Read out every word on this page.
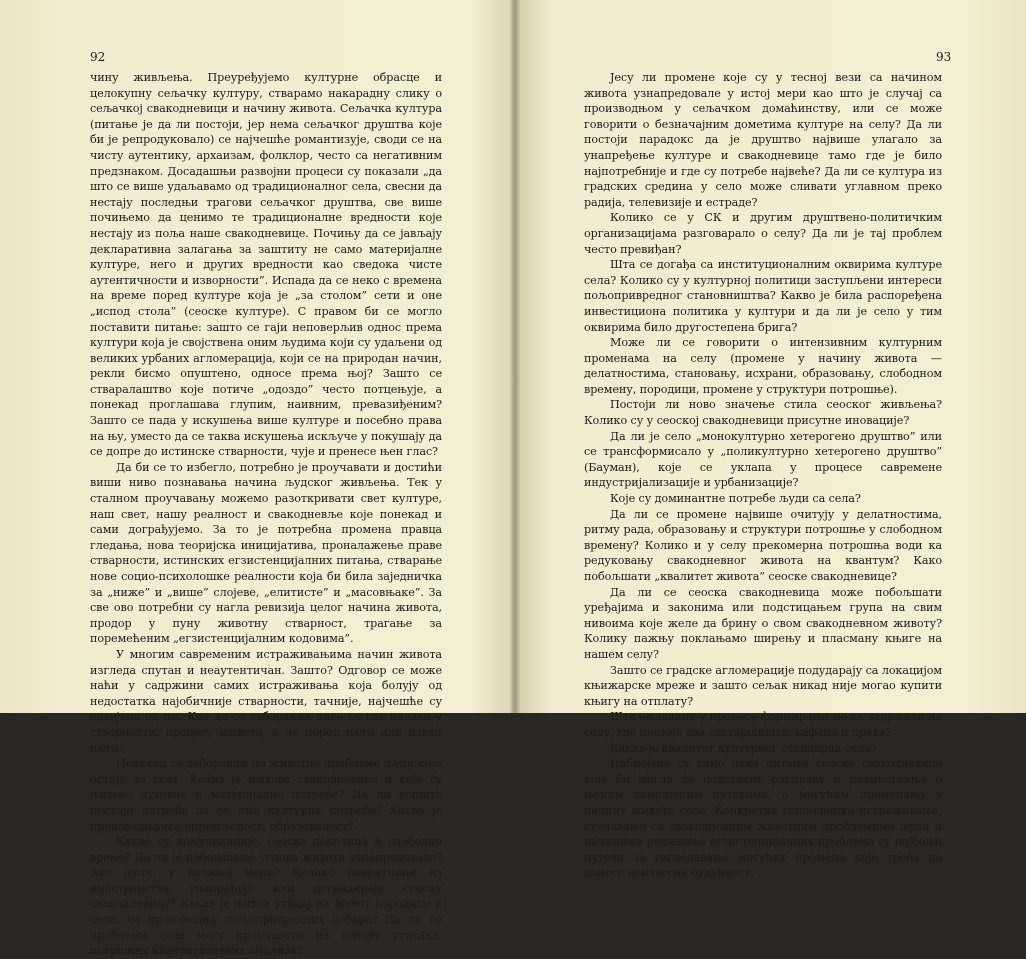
92

чину живљења. Преуређујемо културне обрасце и целокупну сељачку културу, стварамо накарадну слику о сељачкој свакодневици и начину живота. Сељачка култура (питање је да ли постоји, јер нема сељачког друштва које би је репродуковало) се најчешће романтизује, своди се на чисту аутентику, архаизам, фолклор, често са негативним предзнаком. Досадашњи развојни процеси су показали „да што се више удаљавамо од традиционалног села, свесни да нестају последњи трагови сељачког друштва, све више почињемо да ценимо те традиционалне вредности које нестају из поља наше свакодневице. Почињу да се јављају декларативна залагања за заштиту не само материјалне културе, него и других вредности као сведока чисте аутентичности и изворности”. Испада да се неко с времена на време поред културе која је „за столом” сети и оне „испод стола” (сеоске културе). С правом би се могло поставити питање: зашто се гаји неповерљив однос према култури која је својствена оним људима који су удаљени од великих урбаних агломерација, који се на природан начин, рекли бисмо опуштено, односе према њој? Зашто се стваралаштво које потиче „одоздо” често потцењује, а понекад проглашава глупим, наивним, превазиђеним? Зашто се пада у искушења више културе и посебно права на њу, уместо да се таква искушења искључе у покушају да се допре до истинске стварности, чује и пренесе њен глас?

Да би се то избегло, потребно је проучавати и достићи виши ниво познавања начина људског живљења. Тек у сталном проучавању можемо разоткривати свет културе, наш свет, нашу реалност и свакодневље које понекад и сами дограђујемо. За то је потребна промена правца гледања, нова теоријска иницијатива, проналажење праве стварности, истинских егзистенцијалних питања, стварање нове социо-психолошке реалности која би била заједничка за „ниже” и „више” слојеве, „елитисте” и „масовњаке”. За све ово потребни су нагла ревизија целог начина живота, продор у пуну животну стварност, трагање за поремећеним „егзистенцијалним кодовима”.

У многим савременим истраживањима начин живота изгледа спутан и неаутентичан. Зашто? Одговор се може наћи у садржини самих истраживања која болују од недостатка најобичније стварности, тачније, најчешће су одвојена од ње. Као да се заборавља како се све налази у стварности, процесу живота, а не поред њега или изван њега.

Понекад се заборавља на животне проблеме људи који остају на селу. Каква је њихова свакодневица и које су њихове духовне и материјалне потребе? Да ли уопште постоји потреба да се има културна потреба? Каква је производњачка опремљеност, образованост?

Какве су комуникације, сеоска доколица и слободно време? Да ли је побољшање услова живота узнапредовало? Ако јесте, у коликој мери? Колико повратници из иностранства унапређују или деградирају сеоску свакодневицу? Какав је њихов утицај на живот породице и села, на производњу пољопривредних добара? Да ли се проблеми села могу проучавати на основу утисака, површних квантитативних анализа?

93

Јесу ли промене које су у тесној вези са начином живота узнапредовале у истој мери као што је случај са производњом у сељачком домаћинству, или се може говорити о безначајним дометима културе на селу? Да ли постоји парадокс да је друштво највише улагало за унапређење културе и свакодневице тамо где је било најпотребније и где су потребе највеће? Да ли се култура из градских средина у село може сливати углавном преко радија, телевизије и естраде?

Колико се у СК и другим друштвено-политичким организацијама разговарало о селу? Да ли је тај проблем често превиђан?

Шта се догађа са институционалним оквирима културе села? Колико су у културној политици заступљени интереси пољопривредног становништва? Какво је била распоређена инвестициона политика у култури и да ли је село у тим оквирима било другостепена брига?

Може ли се говорити о интензивним културним променама на селу (промене у начину живота — делатностима, становању, исхрани, образовању, слободном времену, породици, промене у структури потрошње).

Постоји ли ново значење стила сеоског живљења? Колико су у сеоској свакодневици присутне иновације?

Да ли је село „монокултурно хетерогено друштво” или се трансформисало у „поликултурно хетерогено друштво” (Бауман), које се уклапа у процесе савремене индустријализације и урбанизације?

Које су доминантне потребе људи са села?

Да ли се промене највише очитују у делатностима, ритму рада, образовању и структури потрошње у слободном времену? Колико и у селу прекомерна потрошња води ка редуковању свакодневног живота на квантум? Како побољшати „квалитет живота” сеоске свакодневице?

Да ли се сеоска свакодневица може побољшати уређајима и законима или подстицањем група на свим нивоима које желе да брину о свом свакодневном животу? Колику пажњу поклањамо ширењу и пласману књиге на нашем селу?

Зашто се градске агломерације подударају са локацијом књижарске мреже и зашто сељак никад није могао купити књигу на отплату?

Шта омладину у процесу формирања може задржати на селу, где постоје два састајалишта: кафана и црква?

Какав је квалитет културног стандарда села?

Набројана су само нека питања сеоске свакодневице која би могла да подстакну расправу и размишљања о њеним замршеним путевима, о могућим променама у начину живота села. Конкретна социолошка истраживања, суочавање са свакодневним животним проблемима људи и начинима решавања егзистенцијалних проблема су најбољи путеви за сагледавање могућих промена које треба да донесе неизвесна будућност.
